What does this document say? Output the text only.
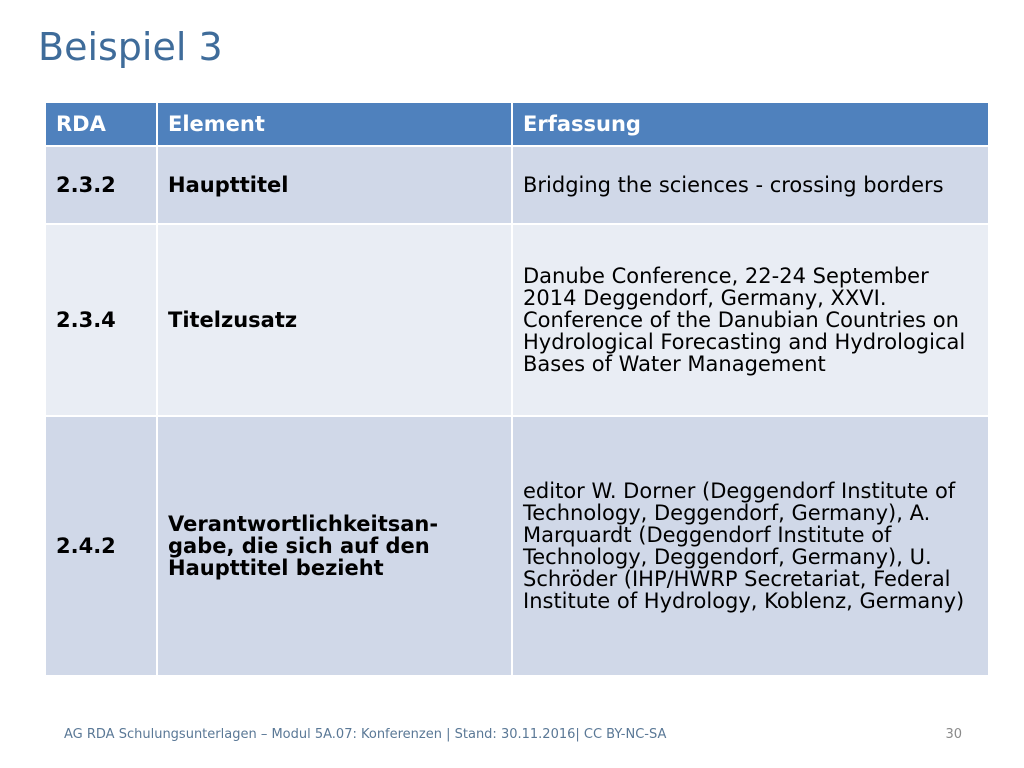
Beispiel 3
RDA	Element	Erfassung
2.3.2	Haupttitel	Bridging the sciences - crossing borders
2.3.4	Titelzusatz	Danube Conference, 22-24 September 2014 Deggendorf, Germany, XXVI. Conference of the Danubian Countries on Hydrological Forecasting and Hydrological Bases of Water Management
2.4.2	Verantwortlichkeitsan-gabe, die sich auf den Haupttitel bezieht	editor W. Dorner (Deggendorf Institute of Technology, Deggendorf, Germany), A. Marquardt (Deggendorf Institute of Technology, Deggendorf, Germany), U. Schröder (IHP/HWRP Secretariat, Federal Institute of Hydrology, Koblenz, Germany)
AG RDA Schulungsunterlagen – Modul 5A.07: Konferenzen | Stand: 30.11.2016| CC BY-NC-SA	30
